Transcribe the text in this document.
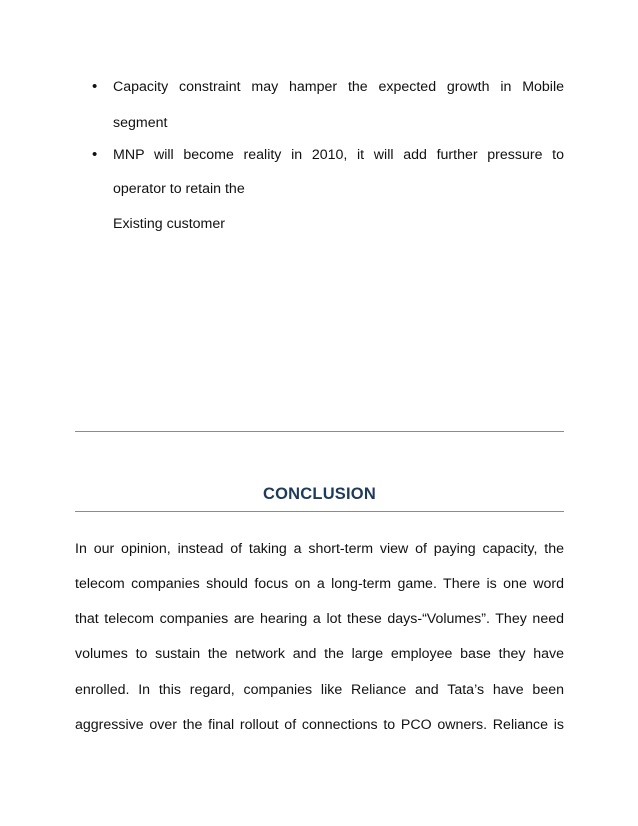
• Capacity constraint may hamper the expected growth in Mobile
segment
• MNP will become reality in 2010, it will add further pressure to
operator to retain the
Existing customer
CONCLUSION
In our opinion, instead of taking a short-term view of paying capacity, the
telecom companies should focus on a long-term game. There is one word
that telecom companies are hearing a lot these days-“Volumes”. They need
volumes to sustain the network and the large employee base they have
enrolled. In this regard, companies like Reliance and Tata’s have been
aggressive over the final rollout of connections to PCO owners. Reliance is
